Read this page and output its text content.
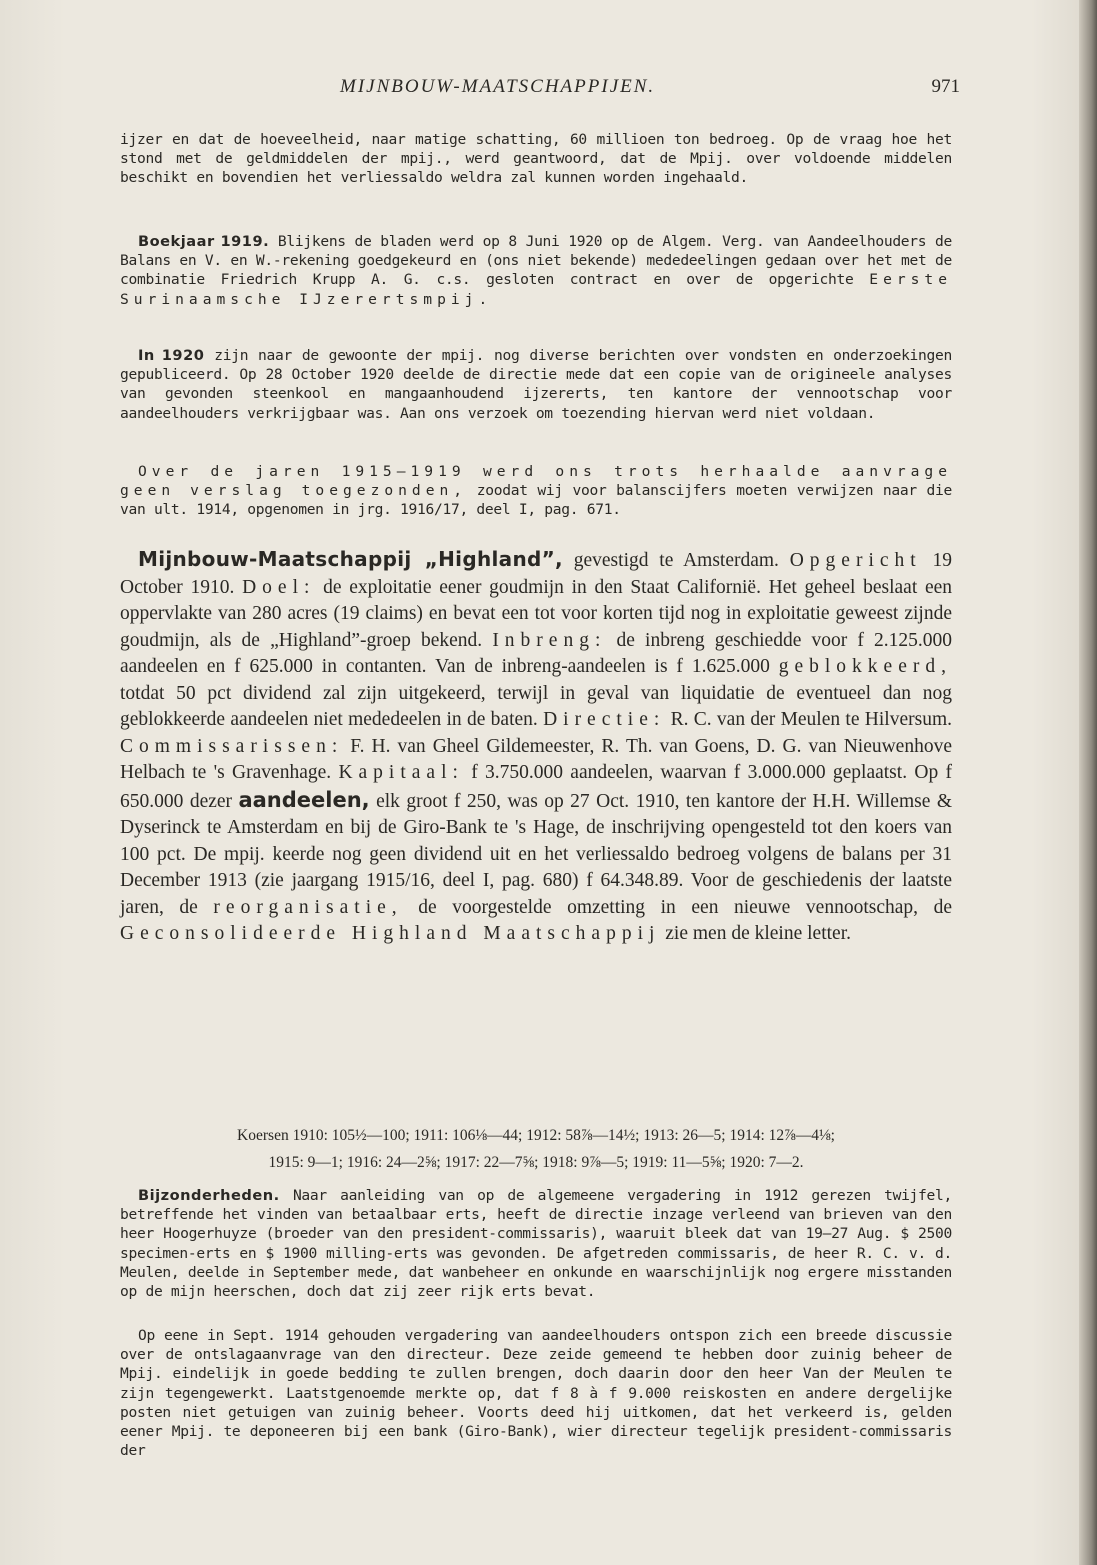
MIJNBOUW-MAATSCHAPPIJEN.	971

ijzer en dat de hoeveelheid, naar matige schatting, 60 millioen ton bedroeg. Op de vraag hoe het stond met de geldmiddelen der mpij., werd geantwoord, dat de Mpij. over voldoende middelen beschikt en bovendien het verliessaldo weldra zal kunnen worden ingehaald.

Boekjaar 1919. Blijkens de bladen werd op 8 Juni 1920 op de Algem. Verg. van Aandeelhouders de Balans en V. en W.-rekening goedgekeurd en (ons niet bekende) mededeelingen gedaan over het met de combinatie Friedrich Krupp A. G. c.s. gesloten contract en over de opgerichte Eerste Surinaamsche IJzerertsmpij.

In 1920 zijn naar de gewoonte der mpij. nog diverse berichten over vondsten en onderzoekingen gepubliceerd. Op 28 October 1920 deelde de directie mede dat een copie van de origineele analyses van gevonden steenkool en mangaanhoudend ijzererts, ten kantore der vennootschap voor aandeelhouders verkrijgbaar was. Aan ons verzoek om toezending hiervan werd niet voldaan.

Over de jaren 1915—1919 werd ons trots herhaalde aanvrage geen verslag toegezonden, zoodat wij voor balanscijfers moeten verwijzen naar die van ult. 1914, opgenomen in jrg. 1916/17, deel I, pag. 671.

Mijnbouw-Maatschappij „Highland”, gevestigd te Amsterdam. Opgericht 19 October 1910. Doel: de exploitatie eener goudmijn in den Staat Californië. Het geheel beslaat een oppervlakte van 280 acres (19 claims) en bevat een tot voor korten tijd nog in exploitatie geweest zijnde goudmijn, als de „Highland”-groep bekend. Inbreng: de inbreng geschiedde voor f 2.125.000 aandeelen en f 625.000 in contanten. Van de inbreng-aandeelen is f 1.625.000 geblokkeerd, totdat 50 pct dividend zal zijn uitgekeerd, terwijl in geval van liquidatie de eventueel dan nog geblokkeerde aandeelen niet mededeelen in de baten. Directie: R. C. van der Meulen te Hilversum. Commissarissen: F. H. van Gheel Gildemeester, R. Th. van Goens, D. G. van Nieuwenhove Helbach te 's Gravenhage. Kapitaal: f 3.750.000 aandeelen, waarvan f 3.000.000 geplaatst. Op f 650.000 dezer aandeelen, elk groot f 250, was op 27 Oct. 1910, ten kantore der H.H. Willemse & Dyserinck te Amsterdam en bij de Giro-Bank te 's Hage, de inschrijving opengesteld tot den koers van 100 pct. De mpij. keerde nog geen dividend uit en het verliessaldo bedroeg volgens de balans per 31 December 1913 (zie jaargang 1915/16, deel I, pag. 680) f 64.348.89. Voor de geschiedenis der laatste jaren, de reorganisatie, de voorgestelde omzetting in een nieuwe vennootschap, de Geconsolideerde Highland Maatschappij zie men de kleine letter.

Koersen 1910: 105½—100; 1911: 106⅛—44; 1912: 58⅞—14½; 1913: 26—5; 1914: 12⅞—4⅛;
1915: 9—1; 1916: 24—2⅝; 1917: 22—7⅝; 1918: 9⅞—5; 1919: 11—5⅝; 1920: 7—2.

Bijzonderheden. Naar aanleiding van op de algemeene vergadering in 1912 gerezen twijfel, betreffende het vinden van betaalbaar erts, heeft de directie inzage verleend van brieven van den heer Hoogerhuyze (broeder van den president-commissaris), waaruit bleek dat van 19—27 Aug. $ 2500 specimen-erts en $ 1900 milling-erts was gevonden. De afgetreden commissaris, de heer R. C. v. d. Meulen, deelde in September mede, dat wanbeheer en onkunde en waarschijnlijk nog ergere misstanden op de mijn heerschen, doch dat zij zeer rijk erts bevat.

Op eene in Sept. 1914 gehouden vergadering van aandeelhouders ontspon zich een breede discussie over de ontslagaanvrage van den directeur. Deze zeide gemeend te hebben door zuinig beheer de Mpij. eindelijk in goede bedding te zullen brengen, doch daarin door den heer Van der Meulen te zijn tegengewerkt. Laatstgenoemde merkte op, dat f 8 à f 9.000 reiskosten en andere dergelijke posten niet getuigen van zuinig beheer. Voorts deed hij uitkomen, dat het verkeerd is, gelden eener Mpij. te deponeeren bij een bank (Giro-Bank), wier directeur tegelijk president-commissaris der
